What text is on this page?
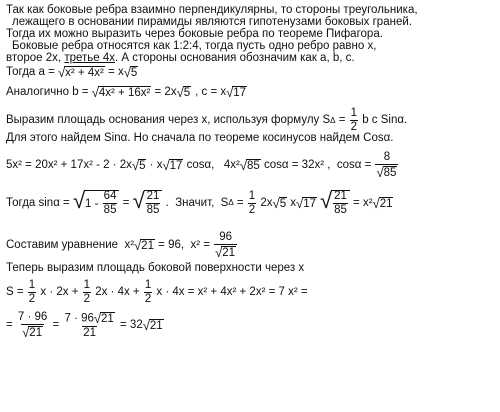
Так как боковые ребра взаимно перпендикулярны, то стороны треугольника,
лежащего в основании пирамиды являются гипотенузами боковых граней.
Тогда их можно выразить через боковые ребра по теореме Пифагора.
Боковые ребра относятся как 1:2:4, тогда пусть одно ребро равно x,
второе 2x, третье 4x. А стороны основания обозначим как a, b, c.
Тогда a =
√ x² + 4x²
= x √ 5
Аналогично b =
√ 4x² + 16x²
= 2x √ 5 , c = x √ 17
Выразим площадь основания через x, используя формулу S $\Delta = \frac{1}{2}$ b c Sinα.
Для этого найдем Sinα. Но сначала по теореме косинусов найдем Cosα.
5x² = 20x² + 17x² - 2 · 2x √ 5 · x √ 17 cosα,   4x² √ 85 cosα = 32x² ,  $\cos\alpha = \frac{8}{√ 85}$
Тогда sinα = √ $1 - \frac{64}{85}$ = √ $\frac{21}{85}$ .  Значит,  S $\Delta = \frac{1}{2} 2x$ √ 5 x √ 17 √ $\frac{21}{85} = x^2$ √ 21
Составим уравнение  x² √ 21 = 96,  $x^2 = \frac{96}{√ 21}$
Теперь выразим площадь боковой поверхности через x
$S = \frac{1}{2}$ $x \cdot 2x + \frac{1}{2} 2x \cdot 4x + \frac{1}{2}$ x · 4x = x² + 4x² + 2x² = 7 x² =
= $\frac{7 \cdot 96}{√ 21} = \frac{7 \cdot 96 √ 21}{21} = 32$ √ 21
